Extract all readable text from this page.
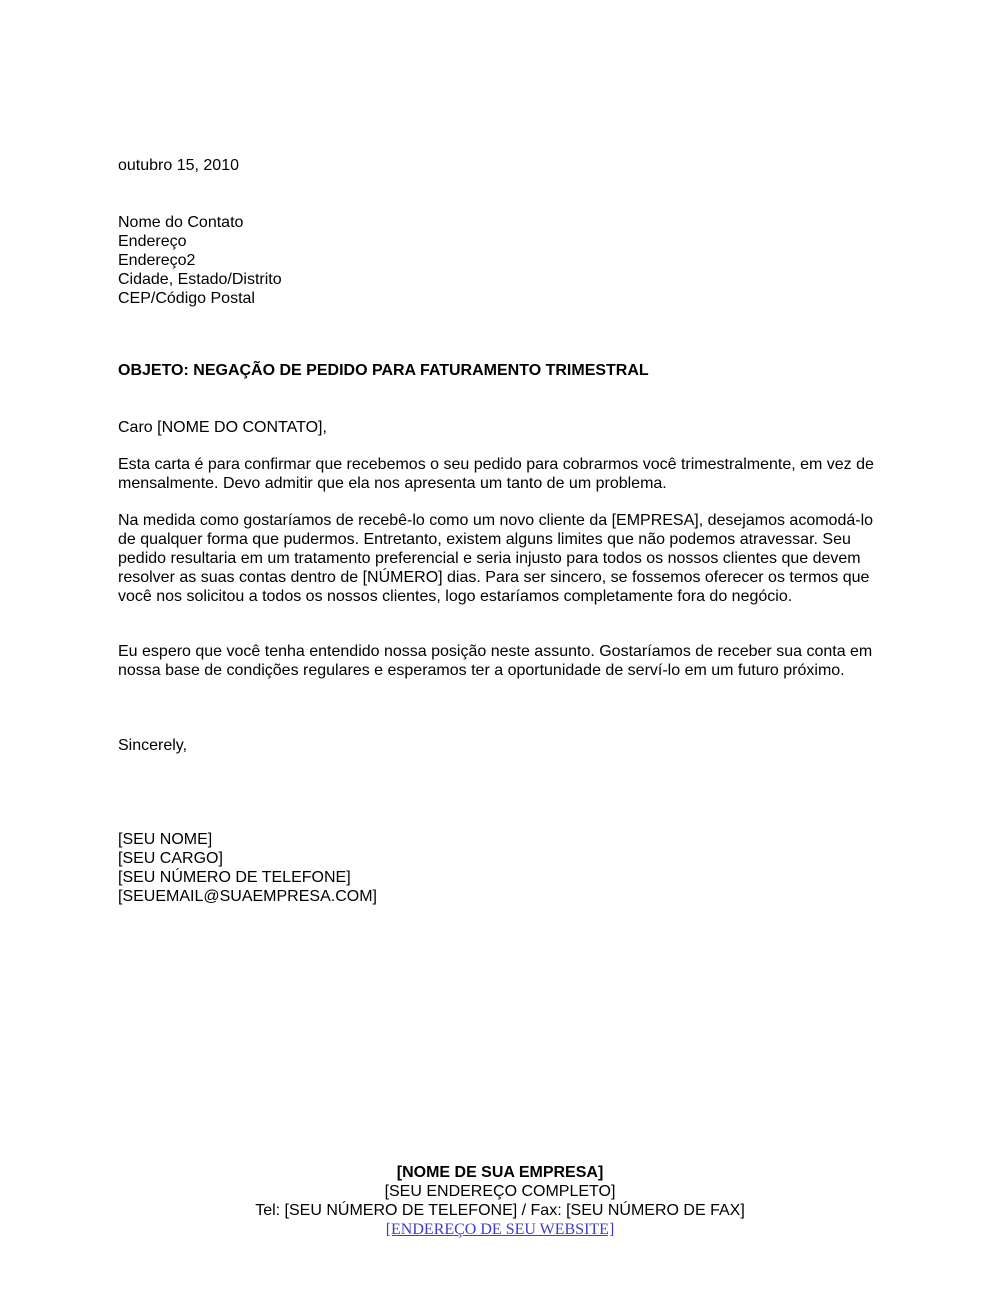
outubro 15, 2010

Nome do Contato

Endereço

Endereço2

Cidade, Estado/Distrito

CEP/Código Postal

OBJETO: NEGAÇÃO DE PEDIDO PARA FATURAMENTO TRIMESTRAL

Caro [NOME DO CONTATO],

Esta carta é para confirmar que recebemos o seu pedido para cobrarmos você trimestralmente, em vez de mensalmente. Devo admitir que ela nos apresenta um tanto de um problema.

Na medida como gostaríamos de recebê-lo como um novo cliente da [EMPRESA], desejamos acomodá-lo de qualquer forma que pudermos. Entretanto, existem alguns limites que não podemos atravessar. Seu pedido resultaria em um tratamento preferencial e seria injusto para todos os nossos clientes que devem resolver as suas contas dentro de [NÚMERO] dias. Para ser sincero, se fossemos oferecer os termos que você nos solicitou a todos os nossos clientes, logo estaríamos completamente fora do negócio.

Eu espero que você tenha entendido nossa posição neste assunto. Gostaríamos de receber sua conta em nossa base de condições regulares e esperamos ter a oportunidade de serví-lo em um futuro próximo.

Sincerely,

[SEU NOME]

[SEU CARGO]

[SEU NÚMERO DE TELEFONE]

[SEUEMAIL@SUAEMPRESA.COM]

[NOME DE SUA EMPRESA]

[SEU ENDEREÇO COMPLETO]

Tel: [SEU NÚMERO DE TELEFONE] / Fax: [SEU NÚMERO DE FAX]

[ENDEREÇO DE SEU WEBSITE]
